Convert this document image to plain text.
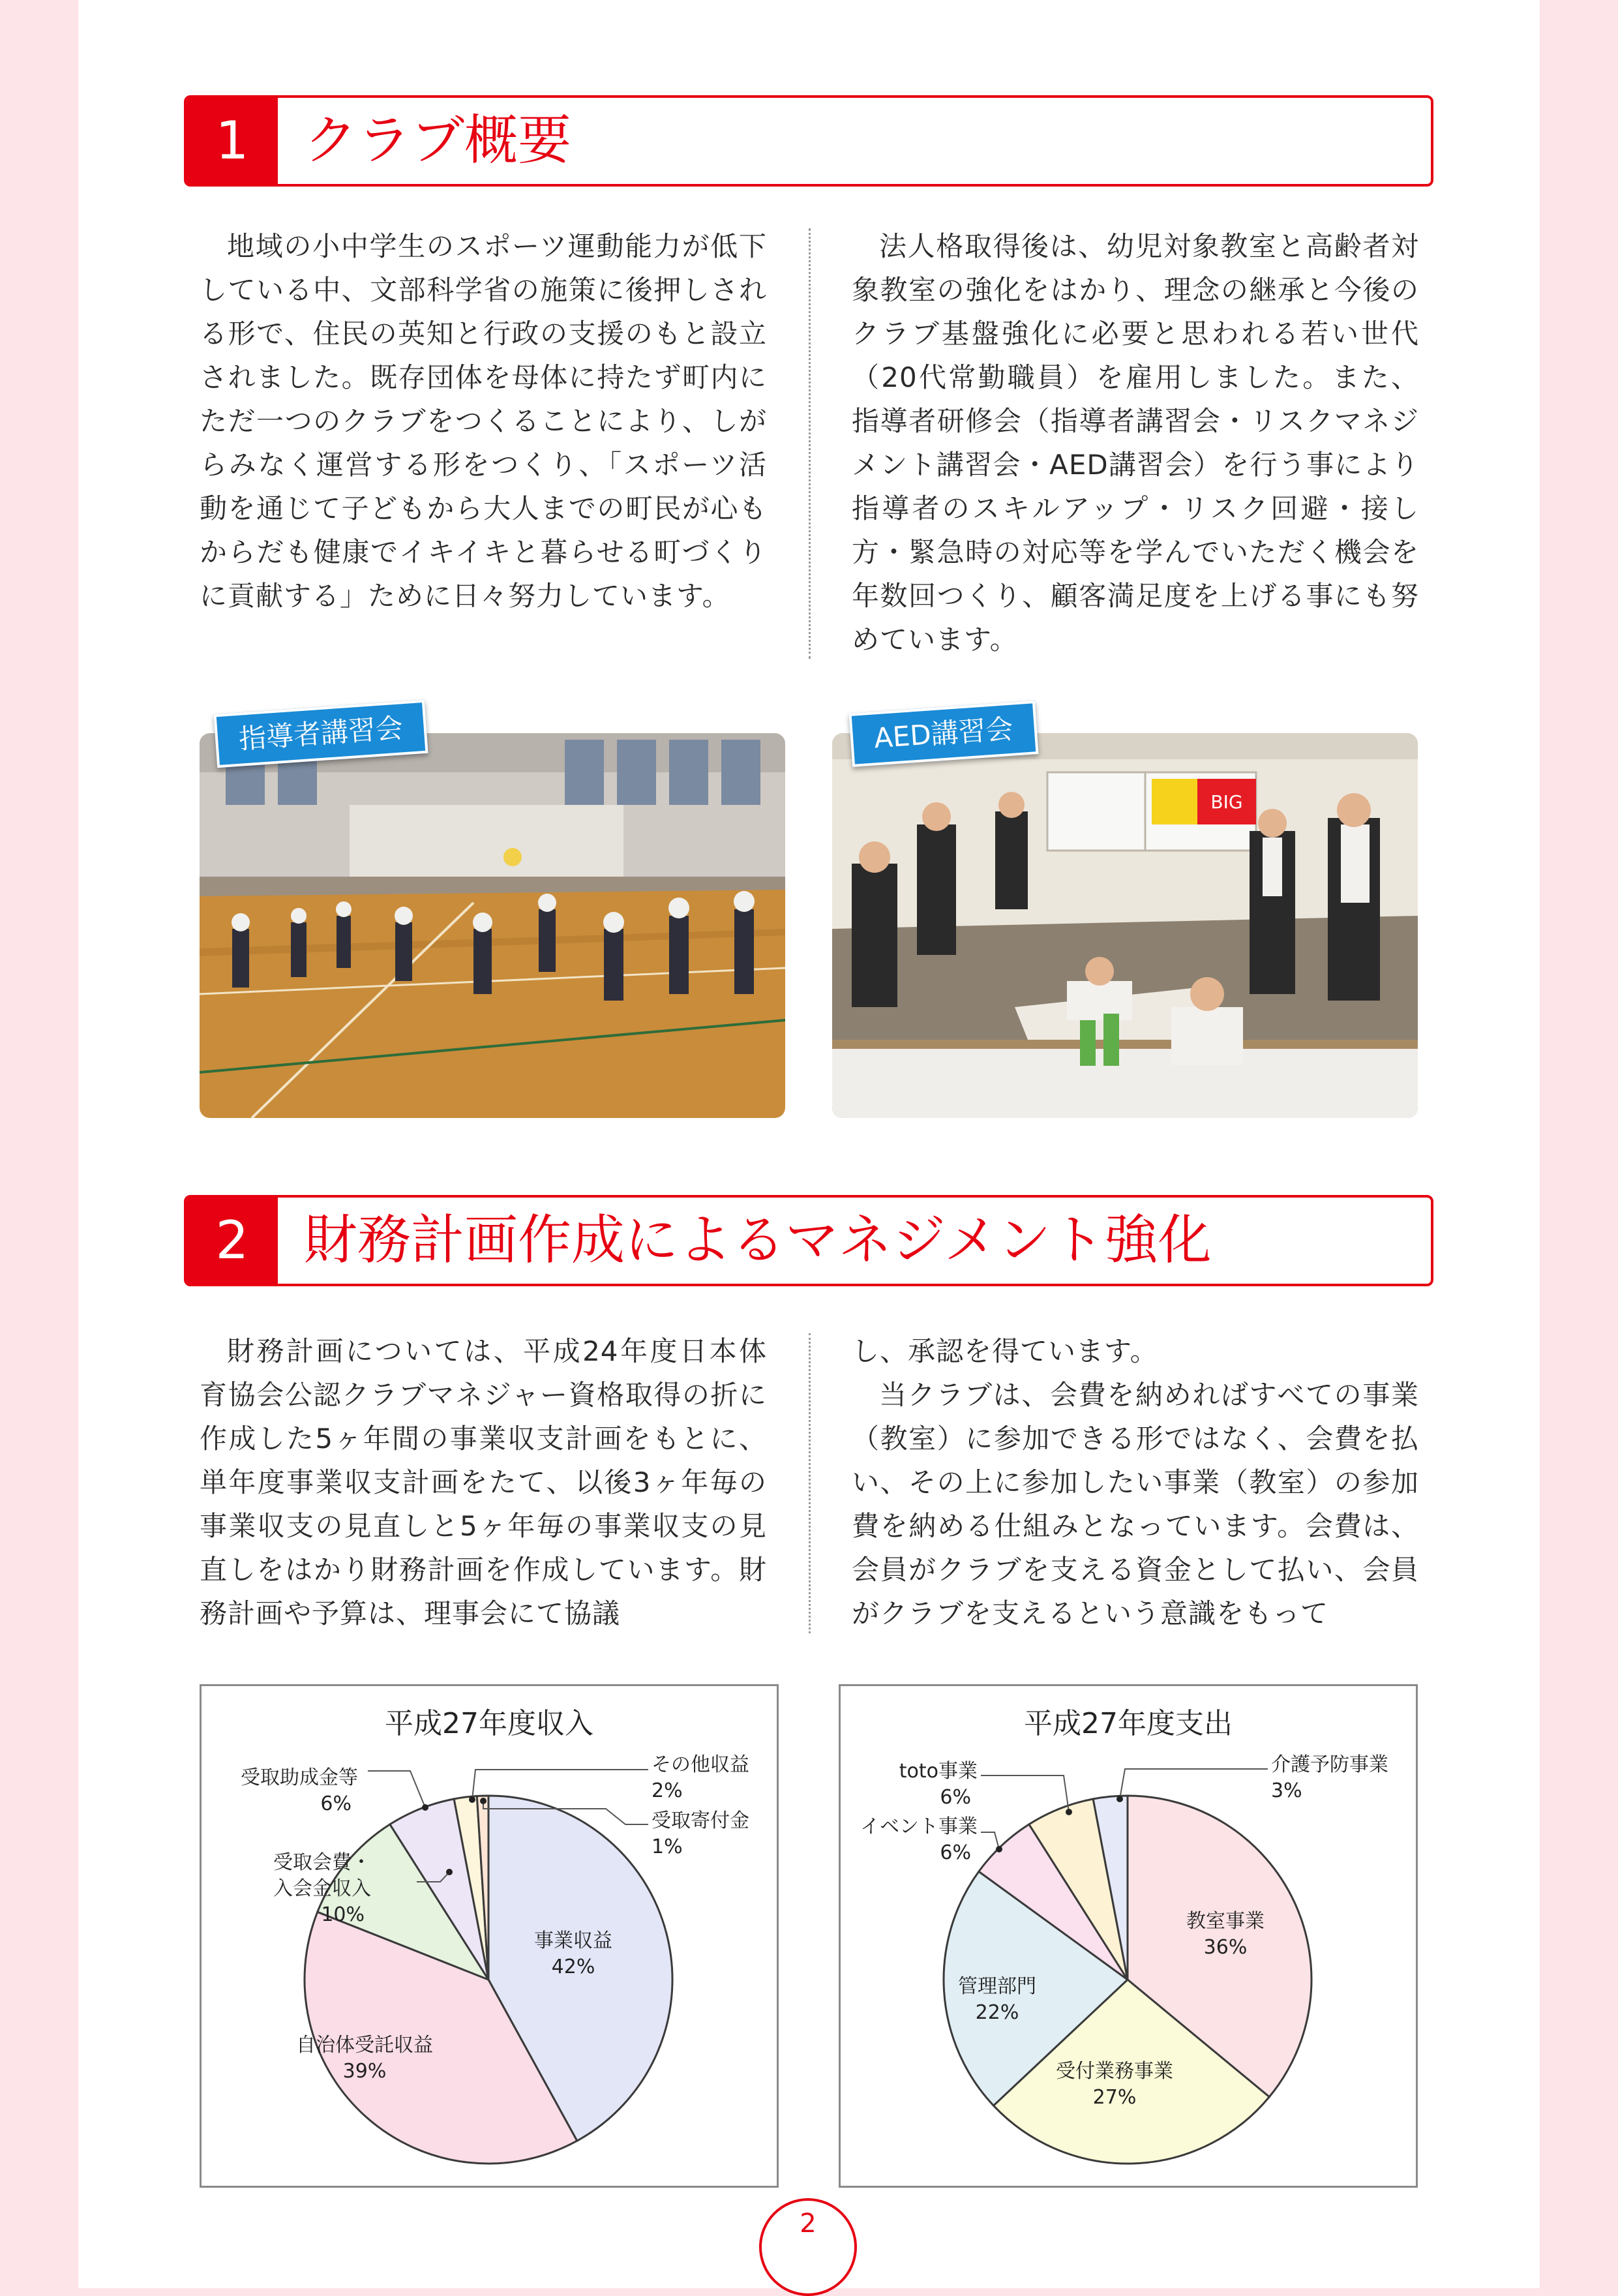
1	クラブ概要

地域の小中学生のスポーツ運動能力が低下している中、文部科学省の施策に後押しされる形で、住民の英知と行政の支援のもと設立されました。既存団体を母体に持たず町内にただ一つのクラブをつくることにより、しがらみなく運営する形をつくり、「スポーツ活動を通じて子どもから大人までの町民が心もからだも健康でイキイキと暮らせる町づくりに貢献する」ために日々努力しています。

法人格取得後は、幼児対象教室と高齢者対象教室の強化をはかり、理念の継承と今後のクラブ基盤強化に必要と思われる若い世代（20代常勤職員）を雇用しました。また、指導者研修会（指導者講習会・リスクマネジメント講習会・AED講習会）を行う事により指導者のスキルアップ・リスク回避・接し方・緊急時の対応等を学んでいただく機会を年数回つくり、顧客満足度を上げる事にも努めています。

指導者講習会
BIG
AED講習会
2	財務計画作成によるマネジメント強化

財務計画については、平成24年度日本体育協会公認クラブマネジャー資格取得の折に作成した5ヶ年間の事業収支計画をもとに、単年度事業収支計画をたて、以後3ヶ年毎の事業収支の見直しと5ヶ年毎の事業収支の見直しをはかり財務計画を作成しています。財務計画や予算は、理事会にて協議

し、承認を得ています。

当クラブは、会費を納めればすべての事業（教室）に参加できる形ではなく、会費を払い、その上に参加したい事業（教室）の参加費を納める仕組みとなっています。会費は、会員がクラブを支える資金として払い、会員がクラブを支えるという意識をもって

平成27年度収入
事業収益
42%
自治体受託収益
39%
受取会費・入会金収入
10%
受取助成金等
6%
その他収益
2%
受取寄付金
1%
平成27年度支出
教室事業
36%
受付業務事業
27%
管理部門
22%
イベント事業
6%
toto事業
6%
介護予防事業
3%
2
